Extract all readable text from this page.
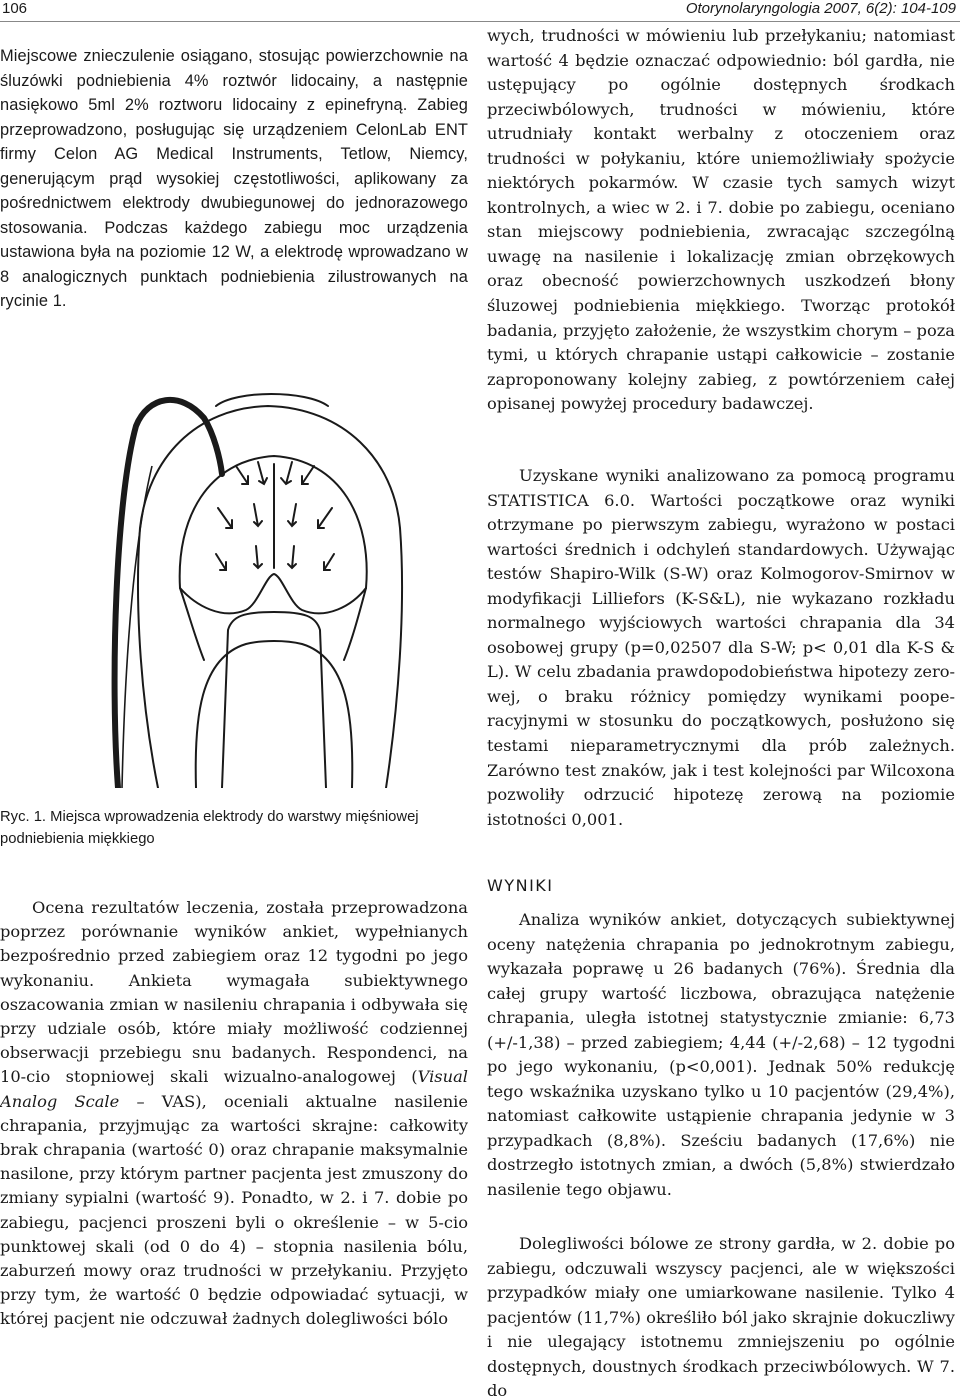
106	Otorynolaryngologia 2007, 6(2): 104-109

Miejscowe znieczulenie osiągano, stosując powierzchownie na śluzówki podniebienia 4% roztwór lidocainy, a następnie nasiękowo 5ml 2% roztworu lidocainy z epinefryną. Zabieg przeprowadzono, posługując się urządzeniem CelonLab ENT firmy Celon AG Medical Instruments, Tetlow, Niemcy, generującym prąd wysokiej częstotliwości, aplikowany za pośrednictwem elektrody dwubiegunowej do jednorazowego stosowania. Podczas każdego zabiegu moc urządzenia ustawiona była na poziomie 12 W, a elektrodę wprowadzano w 8 analogicznych punktach podniebienia zilustrowanych na rycinie 1.

Ryc. 1. Miejsca wprowadzenia elektrody do warstwy mięśniowej podniebienia miękkiego

Ocena rezultatów leczenia, została przeprowadzona poprzez porównanie wyników ankiet, wypełnianych bezpośrednio przed zabiegiem oraz 12 tygodni po jego wykonaniu. Ankieta wymagała subiektywnego oszacowania zmian w nasileniu chrapania i odbywała się przy udziale osób, które miały możliwość codziennej obserwacji przebiegu snu badanych. Respondenci, na 10-cio stopniowej skali wizualno-analogowej (Visual Analog Scale – VAS), oceniali aktualne nasilenie chrapania, przyjmując za wartości skrajne: całkowity brak chrapania (wartość 0) oraz chrapanie maksymalnie nasilone, przy którym partner pacjenta jest zmuszony do zmiany sypialni (wartość 9). Ponadto, w 2. i 7. dobie po zabiegu, pacjenci proszeni byli o określenie – w 5-cio punktowej skali (od 0 do 4) – stopnia nasilenia bólu, zaburzeń mowy oraz trudności w przełykaniu. Przyjęto przy tym, że wartość 0 będzie odpowiadać sytuacji, w której pacjent nie odczuwał żadnych dolegliwości bólo

wych, trudności w mówieniu lub przełykaniu; natomiast wartość 4 będzie oznaczać odpowiednio: ból gardła, nie ustępujący po ogólnie dostępnych środkach przeciwbólowych, trudności w mówieniu, które utrudniały kontakt werbalny z otoczeniem oraz trudności w połykaniu, które uniemożliwiały spożycie niektórych pokarmów. W czasie tych samych wizyt kontrolnych, a wiec w 2. i 7. dobie po zabiegu, oceniano stan miejscowy podniebienia, zwracając szczególną uwagę na nasilenie i lokalizację zmian obrzękowych oraz obecność powierzchownych uszkodzeń błony śluzowej podniebienia miękkiego. Tworząc protokół badania, przyjęto założenie, że wszystkim chorym – poza tymi, u których chrapanie ustąpi całkowicie – zostanie zaproponowany kolejny zabieg, z powtórzeniem całej opisanej powyżej procedury badawczej.

Uzyskane wyniki analizowano za pomocą programu STATISTICA 6.0. Wartości początkowe oraz wyniki otrzymane po pierwszym zabiegu, wyrażono w postaci wartości średnich i odchyleń standardowych. Używając testów Shapiro-Wilk (S-W) oraz Kolmogorov-Smirnov w modyfikacji Lilliefors (K-S&L), nie wykazano rozkładu normalnego wyjściowych wartości chrapania dla 34 osobowej grupy (p=0,02507 dla S-W; p< 0,01 dla K-S & L). W celu zbadania prawdopodobieństwa hipotezy zerowej, o braku różnicy pomiędzy wynikami pooperacyjnymi w stosunku do początkowych, posłużono się testami nieparametrycznymi dla prób zależnych. Zarówno test znaków, jak i test kolejności par Wilcoxona pozwoliły odrzucić hipotezę zerową na poziomie istotności 0,001.

WYNIKI

Analiza wyników ankiet, dotyczących subiektywnej oceny natężenia chrapania po jednokrotnym zabiegu, wykazała poprawę u 26 badanych (76%). Średnia dla całej grupy wartość liczbowa, obrazująca natężenie chrapania, uległa istotnej statystycznie zmianie: 6,73 (+/-1,38) – przed zabiegiem; 4,44 (+/-2,68) – 12 tygodni po jego wykonaniu, (p<0,001). Jednak 50% redukcję tego wskaźnika uzyskano tylko u 10 pacjentów (29,4%), natomiast całkowite ustąpienie chrapania jedynie w 3 przypadkach (8,8%). Sześciu badanych (17,6%) nie dostrzegło istotnych zmian, a dwóch (5,8%) stwierdzało nasilenie tego objawu.

Dolegliwości bólowe ze strony gardła, w 2. dobie po zabiegu, odczuwali wszyscy pacjenci, ale w większości przypadków miały one umiarkowane nasilenie. Tylko 4 pacjentów (11,7%) określiło ból jako skrajnie dokuczliwy i nie ulegający istotnemu zmniejszeniu po ogólnie dostępnych, doustnych środkach przeciwbólowych. W 7. do
